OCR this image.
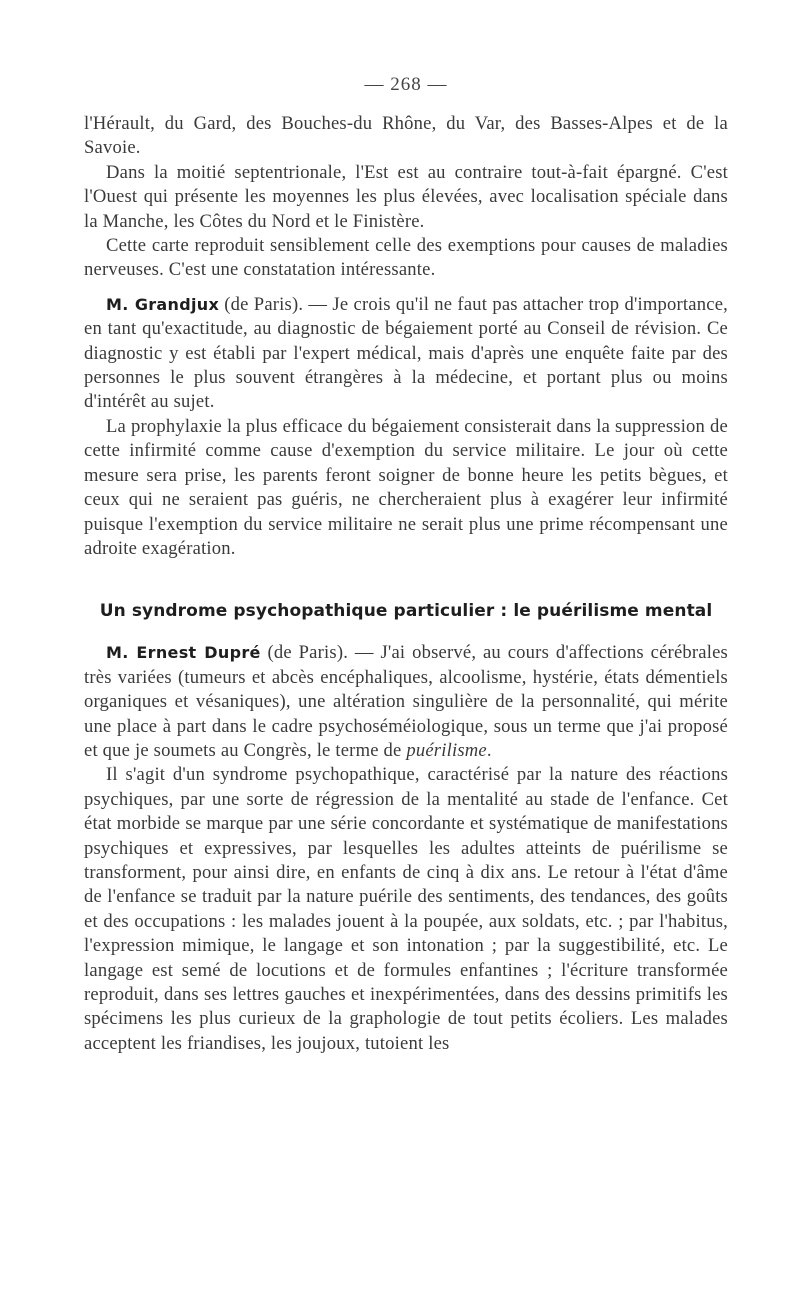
— 268 —

l'Hérault, du Gard, des Bouches-du Rhône, du Var, des Basses-Alpes et de la Savoie.

Dans la moitié septentrionale, l'Est est au contraire tout-à-fait épargné. C'est l'Ouest qui présente les moyennes les plus élevées, avec localisation spéciale dans la Manche, les Côtes du Nord et le Finistère.

Cette carte reproduit sensiblement celle des exemptions pour causes de maladies nerveuses. C'est une constatation intéressante.

M. Grandjux (de Paris). — Je crois qu'il ne faut pas attacher trop d'importance, en tant qu'exactitude, au diagnostic de bégaiement porté au Conseil de révision. Ce diagnostic y est établi par l'expert médical, mais d'après une enquête faite par des personnes le plus souvent étrangères à la médecine, et portant plus ou moins d'intérêt au sujet.

La prophylaxie la plus efficace du bégaiement consisterait dans la suppression de cette infirmité comme cause d'exemption du service militaire. Le jour où cette mesure sera prise, les parents feront soigner de bonne heure les petits bègues, et ceux qui ne seraient pas guéris, ne chercheraient plus à exagérer leur infirmité puisque l'exemption du service militaire ne serait plus une prime récompensant une adroite exagération.

Un syndrome psychopathique particulier : le puérilisme mental

M. Ernest Dupré (de Paris). — J'ai observé, au cours d'affections cérébrales très variées (tumeurs et abcès encéphaliques, alcoolisme, hystérie, états démentiels organiques et vésaniques), une altération singulière de la personnalité, qui mérite une place à part dans le cadre psychoséméiologique, sous un terme que j'ai proposé et que je soumets au Congrès, le terme de puérilisme.

Il s'agit d'un syndrome psychopathique, caractérisé par la nature des réactions psychiques, par une sorte de régression de la mentalité au stade de l'enfance. Cet état morbide se marque par une série concordante et systématique de manifestations psychiques et expressives, par lesquelles les adultes atteints de puérilisme se transforment, pour ainsi dire, en enfants de cinq à dix ans. Le retour à l'état d'âme de l'enfance se traduit par la nature puérile des sentiments, des tendances, des goûts et des occupations : les malades jouent à la poupée, aux soldats, etc. ; par l'habitus, l'expression mimique, le langage et son intonation ; par la suggestibilité, etc. Le langage est semé de locutions et de formules enfantines ; l'écriture transformée reproduit, dans ses lettres gauches et inexpérimentées, dans des dessins primitifs les spécimens les plus curieux de la graphologie de tout petits écoliers. Les malades acceptent les friandises, les joujoux, tutoient les
